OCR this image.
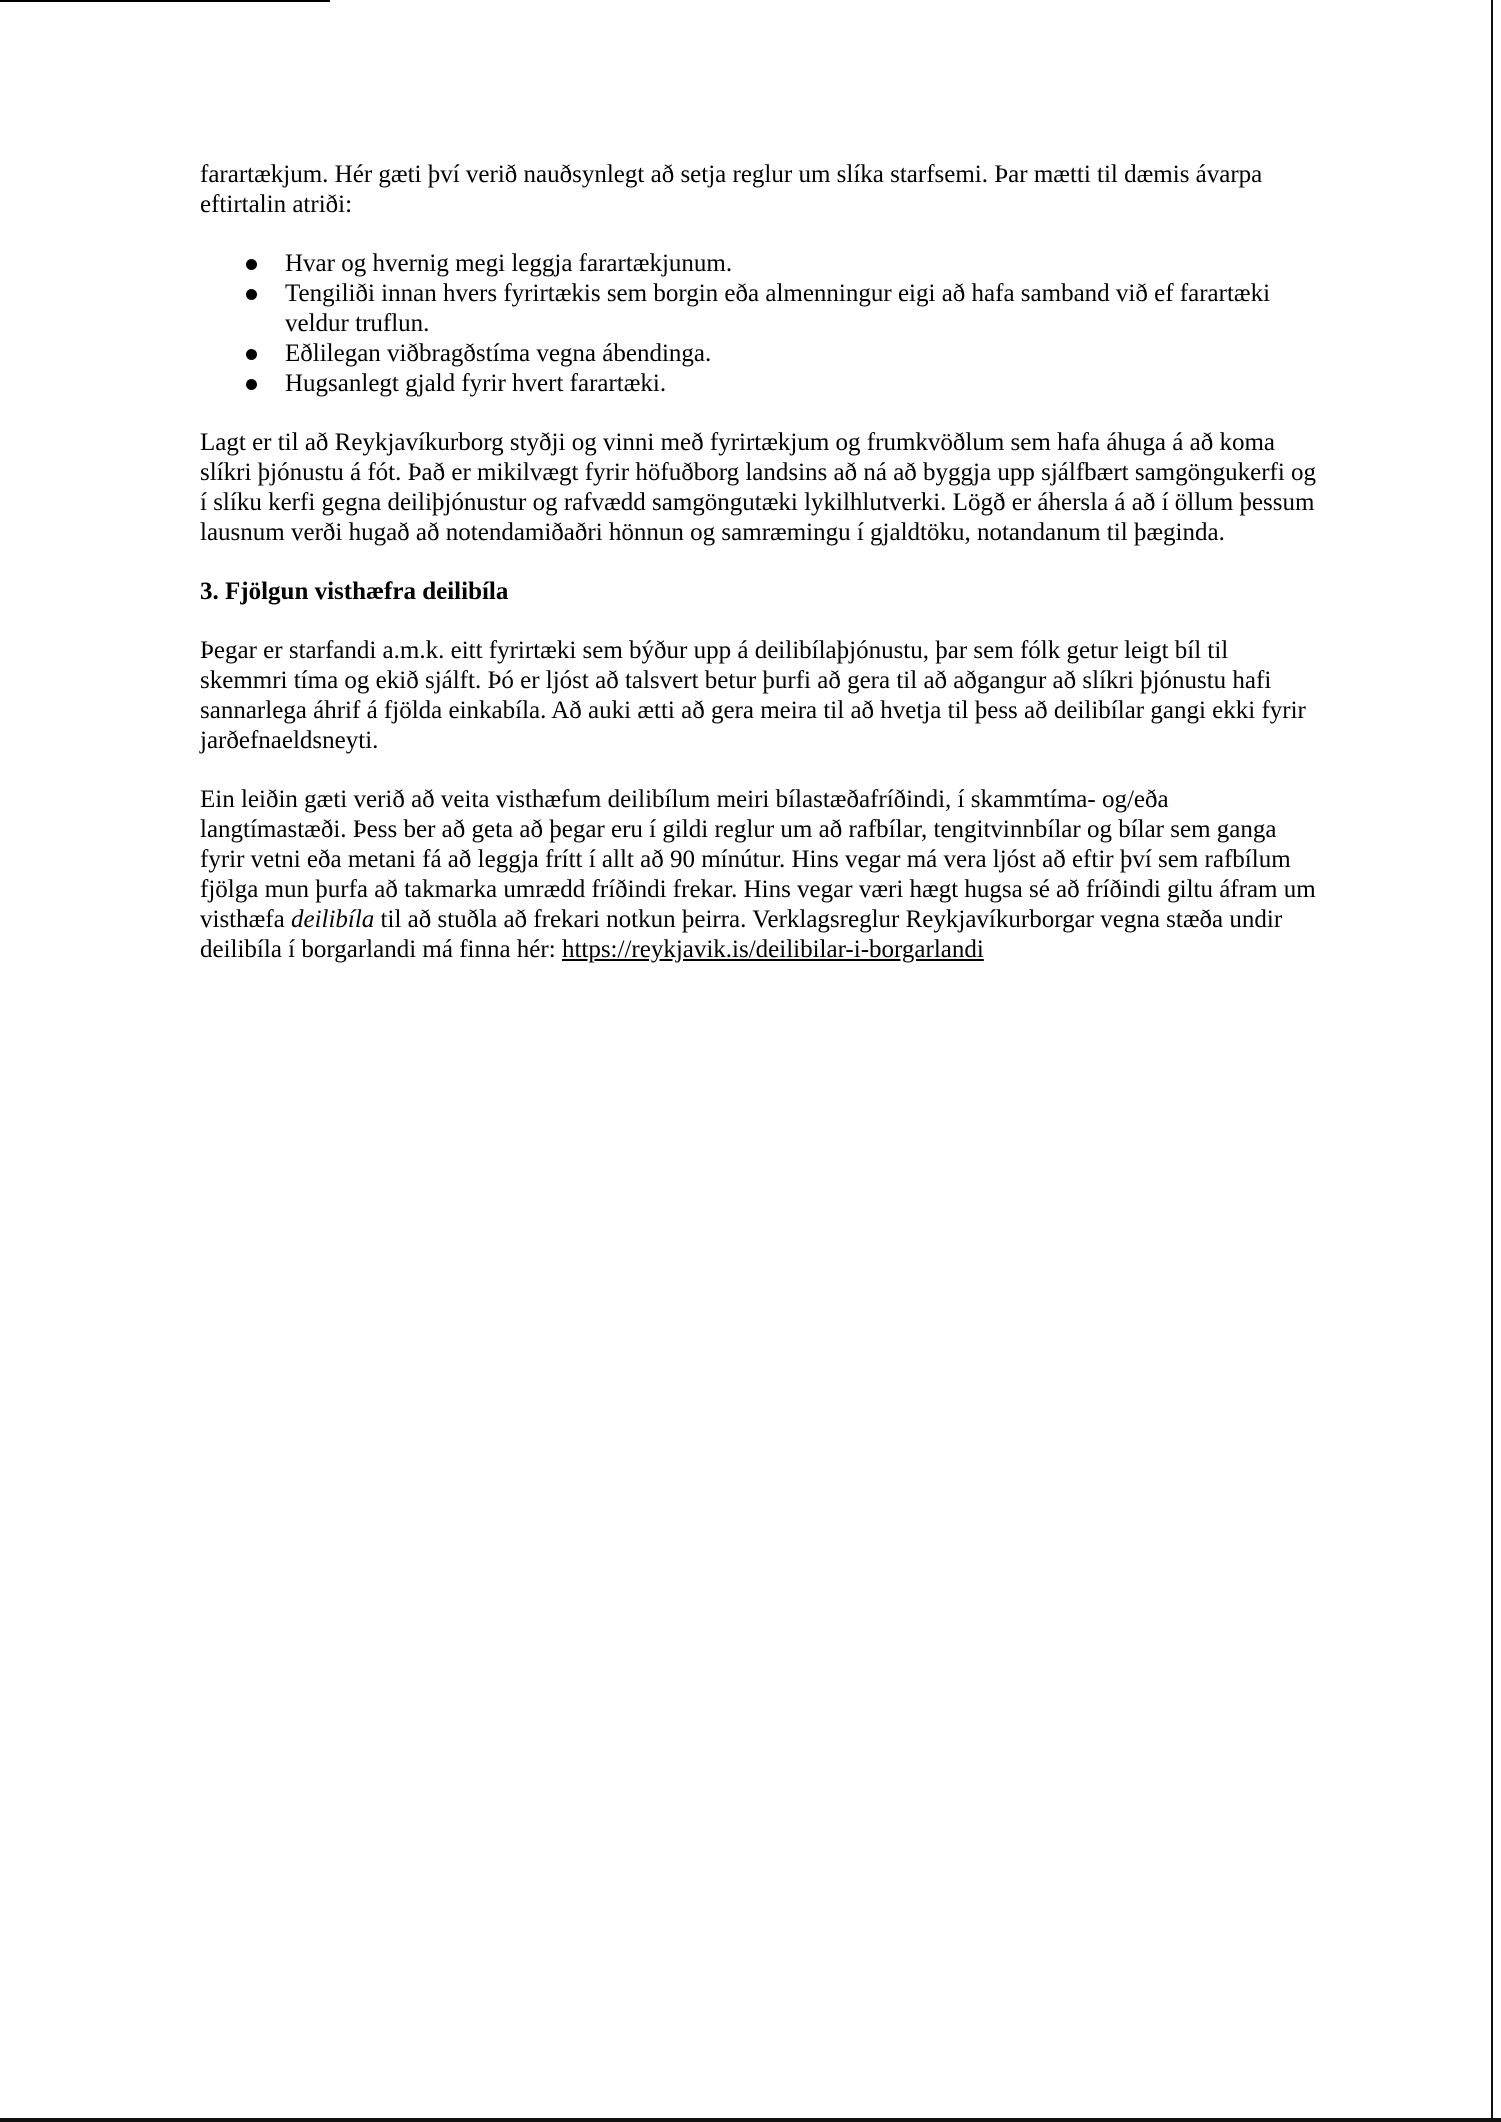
farartækjum. Hér gæti því verið nauðsynlegt að setja reglur um slíka starfsemi. Þar mætti til dæmis ávarpa eftirtalin atriði:

Hvar og hvernig megi leggja farartækjunum.
Tengiliði innan hvers fyrirtækis sem borgin eða almenningur eigi að hafa samband við ef farartæki veldur truflun.
Eðlilegan viðbragðstíma vegna ábendinga.
Hugsanlegt gjald fyrir hvert farartæki.

Lagt er til að Reykjavíkurborg styðji og vinni með fyrirtækjum og frumkvöðlum sem hafa áhuga á að koma slíkri þjónustu á fót. Það er mikilvægt fyrir höfuðborg landsins að ná að byggja upp sjálfbært samgöngukerfi og í slíku kerfi gegna deiliþjónustur og rafvædd samgöngutæki lykilhlutverki. Lögð er áhersla á að í öllum þessum lausnum verði hugað að notendamiðaðri hönnun og samræmingu í gjaldtöku, notandanum til þæginda.

3. Fjölgun visthæfra deilibíla

Þegar er starfandi a.m.k. eitt fyrirtæki sem býður upp á deilibílaþjónustu, þar sem fólk getur leigt bíl til skemmri tíma og ekið sjálft. Þó er ljóst að talsvert betur þurfi að gera til að aðgangur að slíkri þjónustu hafi sannarlega áhrif á fjölda einkabíla. Að auki ætti að gera meira til að hvetja til þess að deilibílar gangi ekki fyrir jarðefnaeldsneyti.

Ein leiðin gæti verið að veita visthæfum deilibílum meiri bílastæðafríðindi, í skammtíma- og/eða langtímastæði. Þess ber að geta að þegar eru í gildi reglur um að rafbílar, tengitvinnbílar og bílar sem ganga fyrir vetni eða metani fá að leggja frítt í allt að 90 mínútur. Hins vegar má vera ljóst að eftir því sem rafbílum fjölga mun þurfa að takmarka umrædd fríðindi frekar. Hins vegar væri hægt hugsa sé að fríðindi giltu áfram um visthæfa deilibíla til að stuðla að frekari notkun þeirra. Verklagsreglur Reykjavíkurborgar vegna stæða undir deilibíla í borgarlandi má finna hér: https://reykjavik.is/deilibilar-i-borgarlandi
